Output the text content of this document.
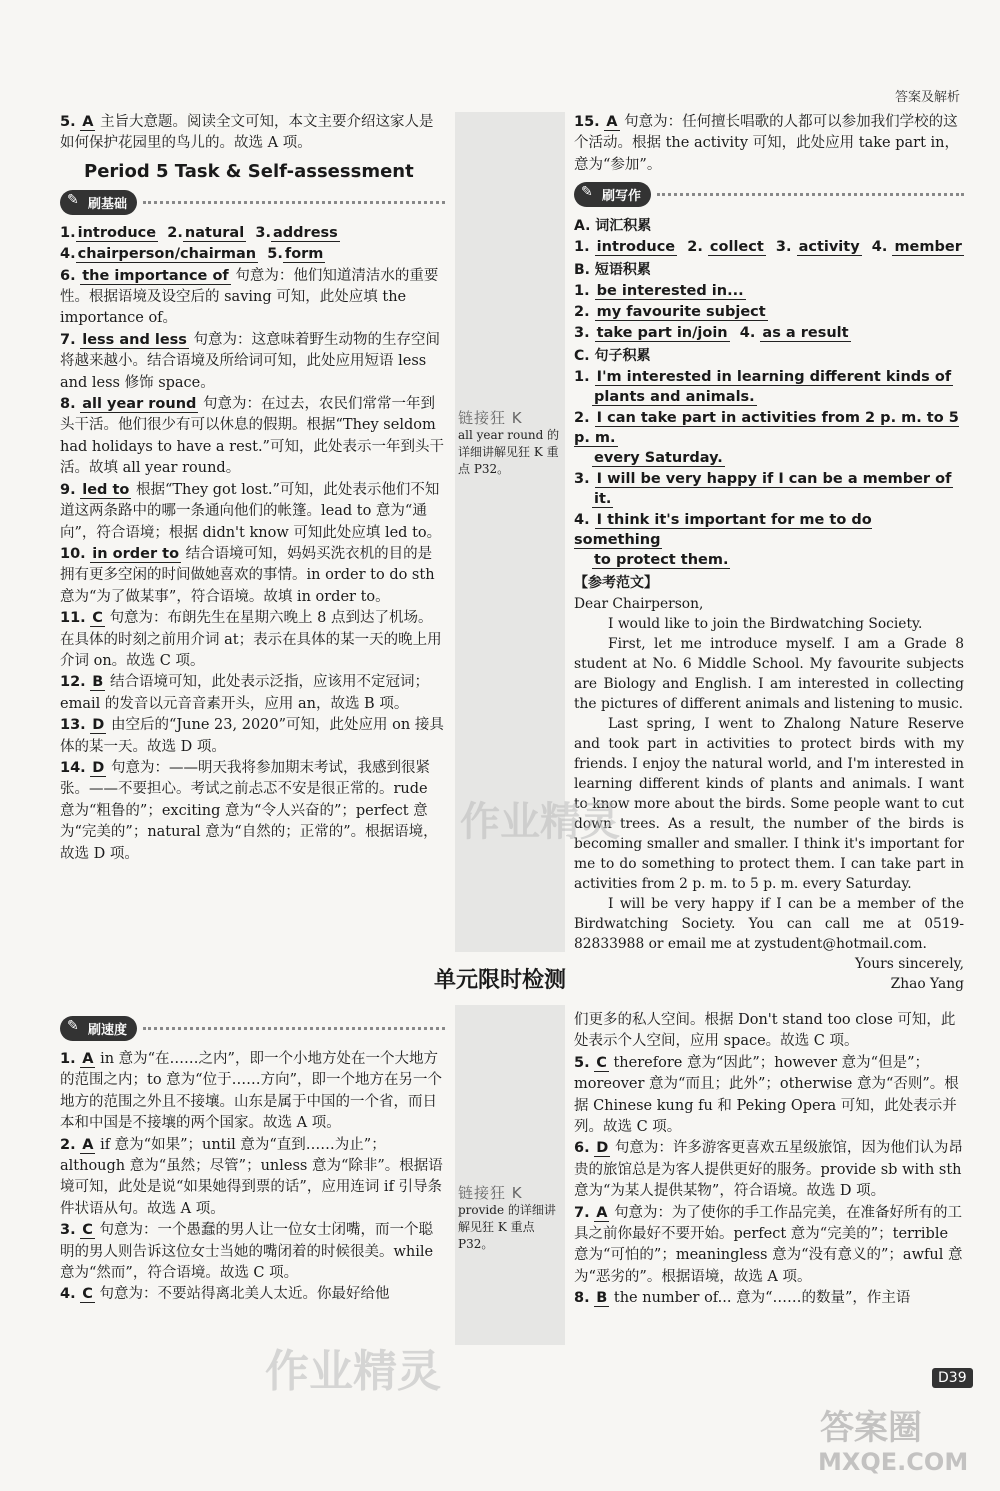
答案及解析

5. A 主旨大意题。阅读全文可知，本文主要介绍这家人是如何保护花园里的鸟儿的。故选 A 项。

Period 5 Task & Self-assessment
✎ 刷基础

1. introduce 2. natural 3. address

4. chairperson/chairman 5. form

6. the importance of 句意为：他们知道清洁水的重要性。根据语境及设空后的 saving 可知，此处应填 the importance of。

7. less and less 句意为：这意味着野生动物的生存空间将越来越小。结合语境及所给词可知，此处应用短语 less and less 修饰 space。

8. all year round 句意为：在过去，农民们常常一年到头干活。他们很少有可以休息的假期。根据“They seldom had holidays to have a rest.”可知，此处表示一年到头干活。故填 all year round。

9. led to 根据“They got lost.”可知，此处表示他们不知道这两条路中的哪一条通向他们的帐篷。lead to 意为“通向”，符合语境；根据 didn't know 可知此处应填 led to。

10. in order to 结合语境可知，妈妈买洗衣机的目的是拥有更多空闲的时间做她喜欢的事情。in order to do sth 意为“为了做某事”，符合语境。故填 in order to。

11. C 句意为：布朗先生在星期六晚上 8 点到达了机场。在具体的时刻之前用介词 at；表示在具体的某一天的晚上用介词 on。故选 C 项。

12. B 结合语境可知，此处表示泛指，应该用不定冠词；email 的发音以元音音素开头，应用 an，故选 B 项。

13. D 由空后的“June 23, 2020”可知，此处应用 on 接具体的某一天。故选 D 项。

14. D 句意为：——明天我将参加期末考试，我感到很紧张。——不要担心。考试之前忐忑不安是很正常的。rude 意为“粗鲁的”；exciting 意为“令人兴奋的”；perfect 意为“完美的”；natural 意为“自然的；正常的”。根据语境，故选 D 项。

链接狂 K
all year round 的详细讲解见狂 K 重点 P32。

15. A 句意为：任何擅长唱歌的人都可以参加我们学校的这个活动。根据 the activity 可知，此处应用 take part in，意为“参加”。

✎ 刷写作
A. 词汇积累

1. introduce 2. collect 3. activity 4. member

B. 短语积累

1. be interested in...

2. my favourite subject

3. take part in/join 4. as a result

C. 句子积累

1. I'm interested in learning different kinds of
plants and animals.

2. I can take part in activities from 2 p. m. to 5 p. m.
every Saturday.

3. I will be very happy if I can be a member of
it.

4. I think it's important for me to do something
to protect them.

【参考范文】

Dear Chairperson,

I would like to join the Birdwatching Society.

First, let me introduce myself. I am a Grade 8 student at No. 6 Middle School. My favourite subjects are Biology and English. I am interested in collecting the pictures of different animals and listening to music.

Last spring, I went to Zhalong Nature Reserve and took part in activities to protect birds with my friends. I enjoy the natural world, and I'm interested in learning different kinds of plants and animals. I want to know more about the birds. Some people want to cut down trees. As a result, the number of the birds is becoming smaller and smaller. I think it's important for me to do something to protect them. I can take part in activities from 2 p. m. to 5 p. m. every Saturday.

I will be very happy if I can be a member of the Birdwatching Society. You can call me at 0519-82833988 or email me at zystudent@hotmail.com.

Yours sincerely,

Zhao Yang

单元限时检测
✎ 刷速度

1. A in 意为“在……之内”，即一个小地方处在一个大地方的范围之内；to 意为“位于……方向”，即一个地方在另一个地方的范围之外且不接壤。山东是属于中国的一个省，而日本和中国是不接壤的两个国家。故选 A 项。

2. A if 意为“如果”；until 意为“直到……为止”；although 意为“虽然；尽管”；unless 意为“除非”。根据语境可知，此处是说“如果她得到票的话”，应用连词 if 引导条件状语从句。故选 A 项。

3. C 句意为：一个愚蠢的男人让一位女士闭嘴，而一个聪明的男人则告诉这位女士当她的嘴闭着的时候很美。while 意为“然而”，符合语境。故选 C 项。

4. C 句意为：不要站得离北美人太近。你最好给他

链接狂 K
provide 的详细讲解见狂 K 重点 P32。

们更多的私人空间。根据 Don't stand too close 可知，此处表示个人空间，应用 space。故选 C 项。

5. C therefore 意为“因此”；however 意为“但是”；moreover 意为“而且；此外”；otherwise 意为“否则”。根据 Chinese kung fu 和 Peking Opera 可知，此处表示并列。故选 C 项。

6. D 句意为：许多游客更喜欢五星级旅馆，因为他们认为昂贵的旅馆总是为客人提供更好的服务。provide sb with sth 意为“为某人提供某物”，符合语境。故选 D 项。

7. A 句意为：为了使你的手工作品完美，在准备好所有的工具之前你最好不要开始。perfect 意为“完美的”；terrible 意为“可怕的”；meaningless 意为“没有意义的”；awful 意为“恶劣的”。根据语境，故选 A 项。

8. B the number of... 意为“……的数量”，作主语

D39
作业精灵
作业精灵
答案圈
MXQE.COM
